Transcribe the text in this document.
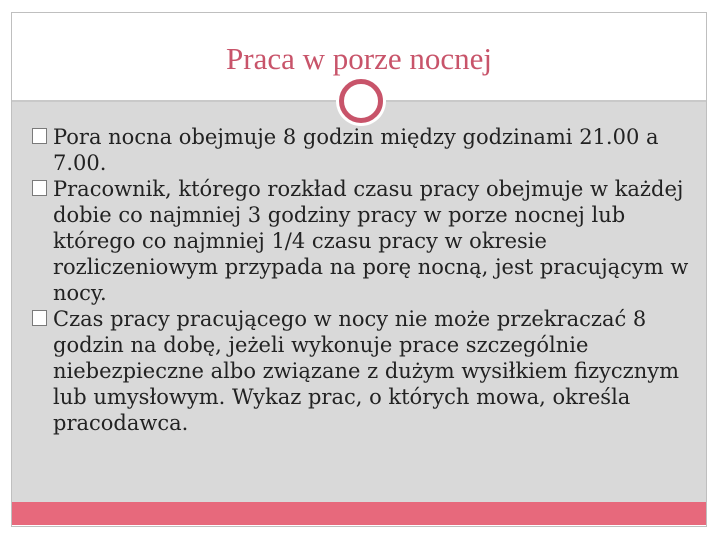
Praca w porze nocnej
Pora nocna obejmuje 8 godzin między godzinami 21.00 a 7.00.
Pracownik, którego rozkład czasu pracy obejmuje w każdej dobie co najmniej 3 godziny pracy w porze nocnej lub którego co najmniej 1/4 czasu pracy w okresie rozliczeniowym przypada na porę nocną, jest pracującym w nocy.
Czas pracy pracującego w nocy nie może przekraczać 8 godzin na dobę, jeżeli wykonuje prace szczególnie niebezpieczne albo związane z dużym wysiłkiem fizycznym lub umysłowym. Wykaz prac, o których mowa, określa pracodawca.
